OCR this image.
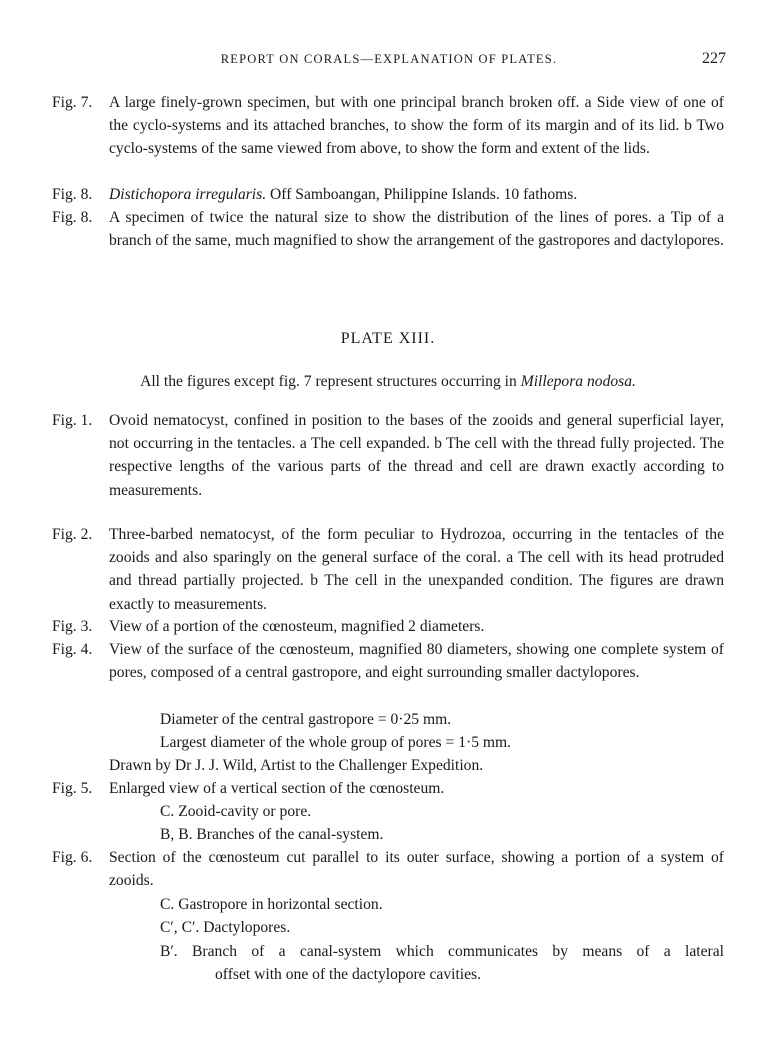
REPORT ON CORALS—EXPLANATION OF PLATES.	227
Fig. 7.	A large finely-grown specimen, but with one principal branch broken off. a Side view of one of the cyclo-systems and its attached branches, to show the form of its margin and of its lid. b Two cyclo-systems of the same viewed from above, to show the form and extent of the lids.
Fig. 8. Distichopora irregularis. Off Samboangan, Philippine Islands. 10 fathoms.
Fig. 8.	A specimen of twice the natural size to show the distribution of the lines of pores. a Tip of a branch of the same, much magnified to show the arrangement of the gastropores and dactylopores.
PLATE XIII.
All the figures except fig. 7 represent structures occurring in Millepora nodosa.
Fig. 1.	Ovoid nematocyst, confined in position to the bases of the zooids and general superficial layer, not occurring in the tentacles. a The cell expanded. b The cell with the thread fully projected. The respective lengths of the various parts of the thread and cell are drawn exactly according to measurements.
Fig. 2.	Three-barbed nematocyst, of the form peculiar to Hydrozoa, occurring in the tentacles of the zooids and also sparingly on the general surface of the coral. a The cell with its head protruded and thread partially projected. b The cell in the unexpanded condition. The figures are drawn exactly to measurements.
Fig. 3.	View of a portion of the cœnosteum, magnified 2 diameters.
Fig. 4.	View of the surface of the cœnosteum, magnified 80 diameters, showing one complete system of pores, composed of a central gastropore, and eight surrounding smaller dactylopores.
Diameter of the central gastropore = 0·25 mm.
Largest diameter of the whole group of pores = 1·5 mm.
Drawn by Dr J. J. Wild, Artist to the Challenger Expedition.
Fig. 5.	Enlarged view of a vertical section of the cœnosteum.
C. Zooid-cavity or pore.
B, B. Branches of the canal-system.
Fig. 6.	Section of the cœnosteum cut parallel to its outer surface, showing a portion of a system of zooids.
C. Gastropore in horizontal section.
C′, C′. Dactylopores.
B′. Branch of a canal-system which communicates by means of a lateral
offset with one of the dactylopore cavities.
